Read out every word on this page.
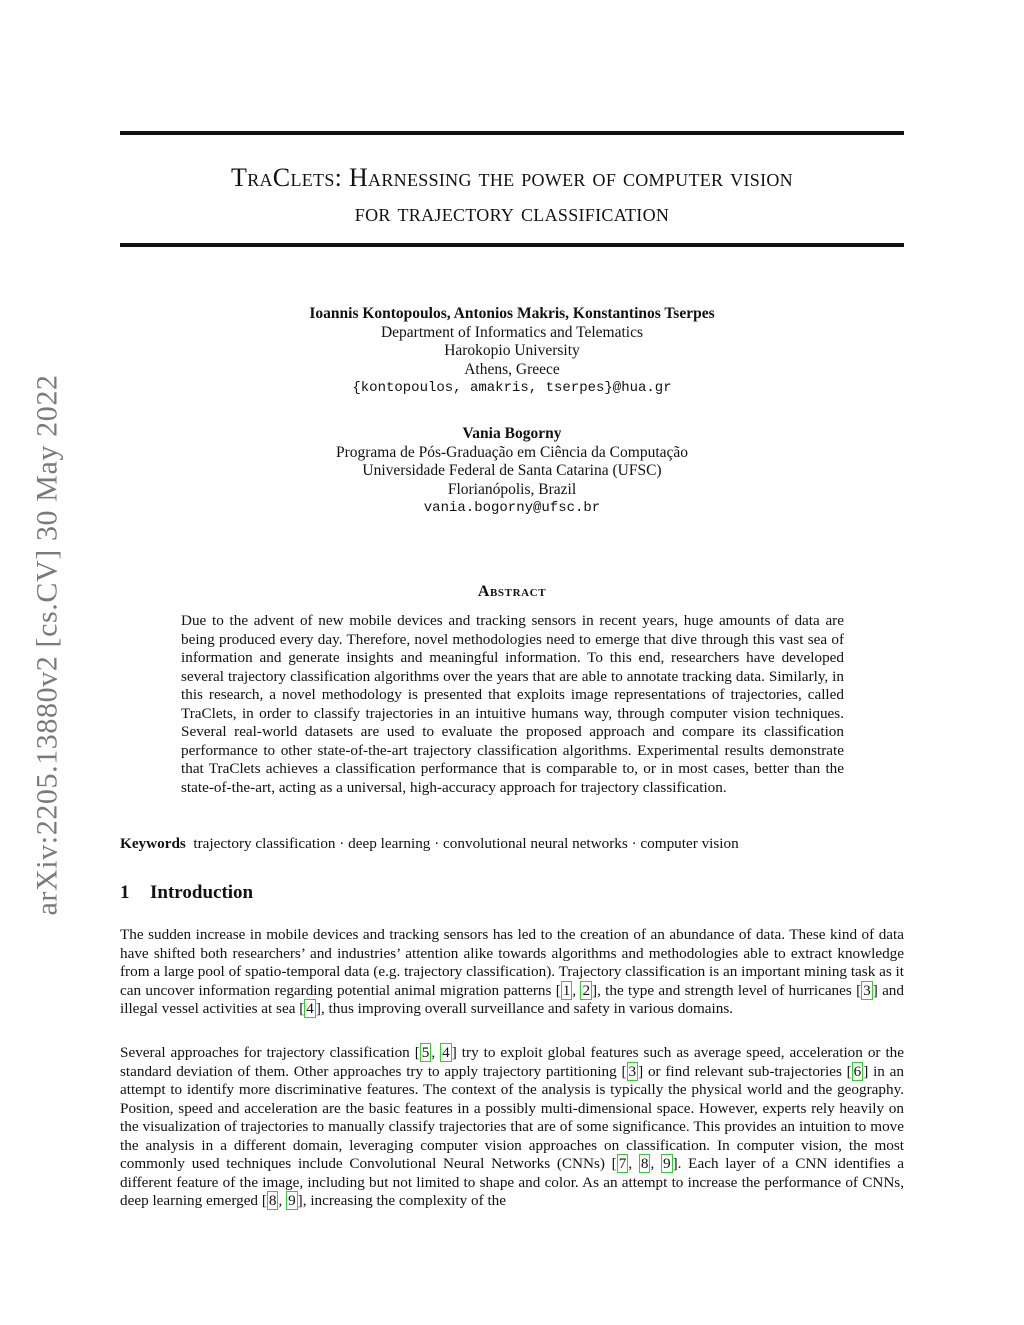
arXiv:2205.13880v2 [cs.CV] 30 May 2022
TraClets: Harnessing the power of computer vision
for trajectory classification
Ioannis Kontopoulos, Antonios Makris, Konstantinos Tserpes
Department of Informatics and Telematics
Harokopio University
Athens, Greece
{kontopoulos, amakris, tserpes}@hua.gr
Vania Bogorny
Programa de Pós-Graduação em Ciência da Computação
Universidade Federal de Santa Catarina (UFSC)
Florianópolis, Brazil
vania.bogorny@ufsc.br
Abstract
Due to the advent of new mobile devices and tracking sensors in recent years, huge amounts of data are being produced every day. Therefore, novel methodologies need to emerge that dive through this vast sea of information and generate insights and meaningful information. To this end, researchers have developed several trajectory classification algorithms over the years that are able to annotate tracking data. Similarly, in this research, a novel methodology is presented that exploits image representations of trajectories, called TraClets, in order to classify trajectories in an intuitive humans way, through computer vision techniques. Several real-world datasets are used to evaluate the proposed approach and compare its classification performance to other state-of-the-art trajectory classification algorithms. Experimental results demonstrate that TraClets achieves a classification performance that is comparable to, or in most cases, better than the state-of-the-art, acting as a universal, high-accuracy approach for trajectory classification.
Keywords trajectory classification · deep learning · convolutional neural networks · computer vision
1 Introduction
The sudden increase in mobile devices and tracking sensors has led to the creation of an abundance of data. These kind of data have shifted both researchers’ and industries’ attention alike towards algorithms and methodologies able to extract knowledge from a large pool of spatio-temporal data (e.g. trajectory classification). Trajectory classification is an important mining task as it can uncover information regarding potential animal migration patterns [ 1 , 2 ], the type and strength level of hurricanes [ 3 ] and illegal vessel activities at sea [ 4 ], thus improving overall surveillance and safety in various domains.
Several approaches for trajectory classification [ 5 , 4 ] try to exploit global features such as average speed, acceleration or the standard deviation of them. Other approaches try to apply trajectory partitioning [ 3 ] or find relevant sub-trajectories [ 6 ] in an attempt to identify more discriminative features. The context of the analysis is typically the physical world and the geography. Position, speed and acceleration are the basic features in a possibly multi-dimensional space. However, experts rely heavily on the visualization of trajectories to manually classify trajectories that are of some significance. This provides an intuition to move the analysis in a different domain, leveraging computer vision approaches on classification. In computer vision, the most commonly used techniques include Convolutional Neural Networks (CNNs) [ 7 , 8 , 9 ]. Each layer of a CNN identifies a different feature of the image, including but not limited to shape and color. As an attempt to increase the performance of CNNs, deep learning emerged [ 8 , 9 ], increasing the complexity of the
